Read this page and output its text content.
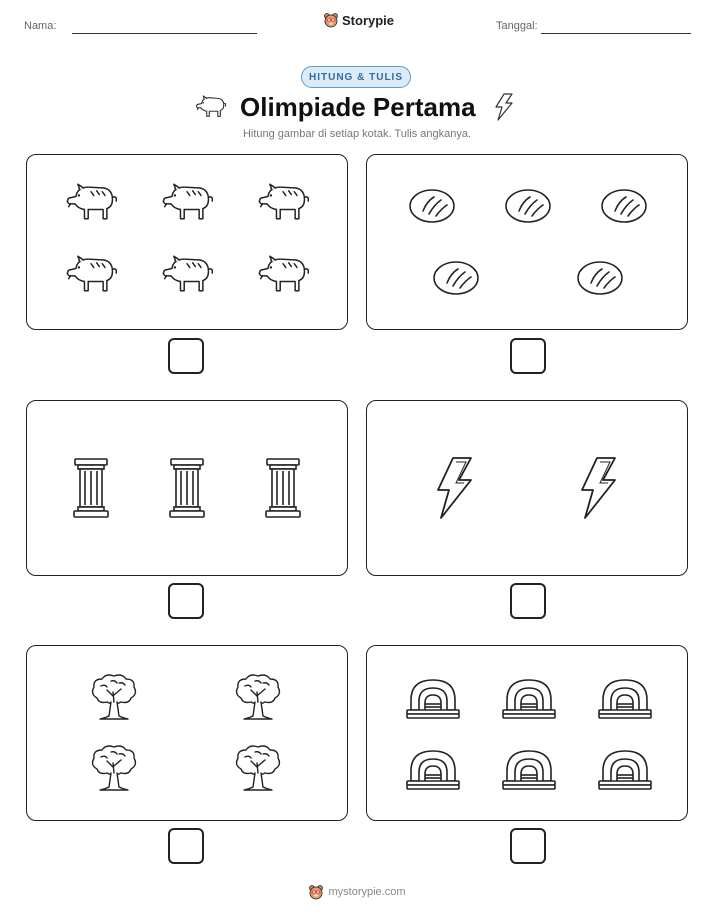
Nama:	Tanggal:
Storypie
HITUNG & TULIS
Olimpiade Pertama
Hitung gambar di setiap kotak. Tulis angkanya.
mystorypie.com
